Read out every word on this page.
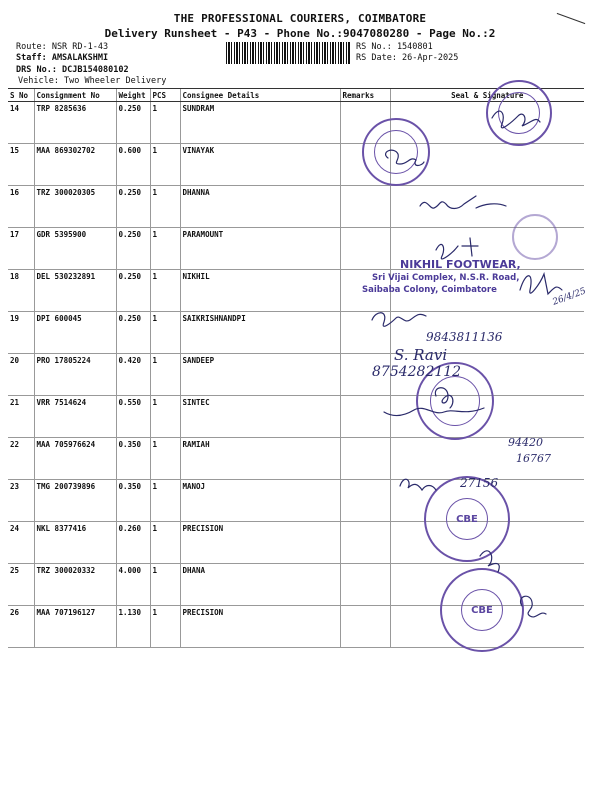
THE PROFESSIONAL COURIERS, COIMBATORE
Delivery Runsheet - P43 - Phone No.:9047080280 - Page No.:2
Route: NSR RD-1-43
Staff: AMSALAKSHMI
DRS No.: DCJB154080102
Vehicle: Two Wheeler Delivery
RS No.: 1540801
RS Date: 26-Apr-2025
S No	Consignment No	Weight	PCS	Consignee Details	Remarks	Seal & Signature
14	TRP 8285636	0.250	1	SUNDRAM		
15	MAA 869302702	0.600	1	VINAYAK		
16	TRZ 300020305	0.250	1	DHANNA		
17	GDR 5395900	0.250	1	PARAMOUNT		
18	DEL 530232891	0.250	1	NIKHIL		
19	DPI 600045	0.250	1	SAIKRISHNANDPI		
20	PRO 17805224	0.420	1	SANDEEP		
21	VRR 7514624	0.550	1	SINTEC		
22	MAA 705976624	0.350	1	RAMIAH		
23	TMG 200739896	0.350	1	MANOJ		
24	NKL 8377416	0.260	1	PRECISION		
25	TRZ 300020332	4.000	1	DHANA		
26	MAA 707196127	1.130	1	PRECISION		
CBE
CBE
NIKHIL FOOTWEAR,
Sri Vijai Complex, N.S.R. Road,
Saibaba Colony, Coimbatore
9843811136
S. Ravi
8754282112
94420
16767
27156
26/4/25
